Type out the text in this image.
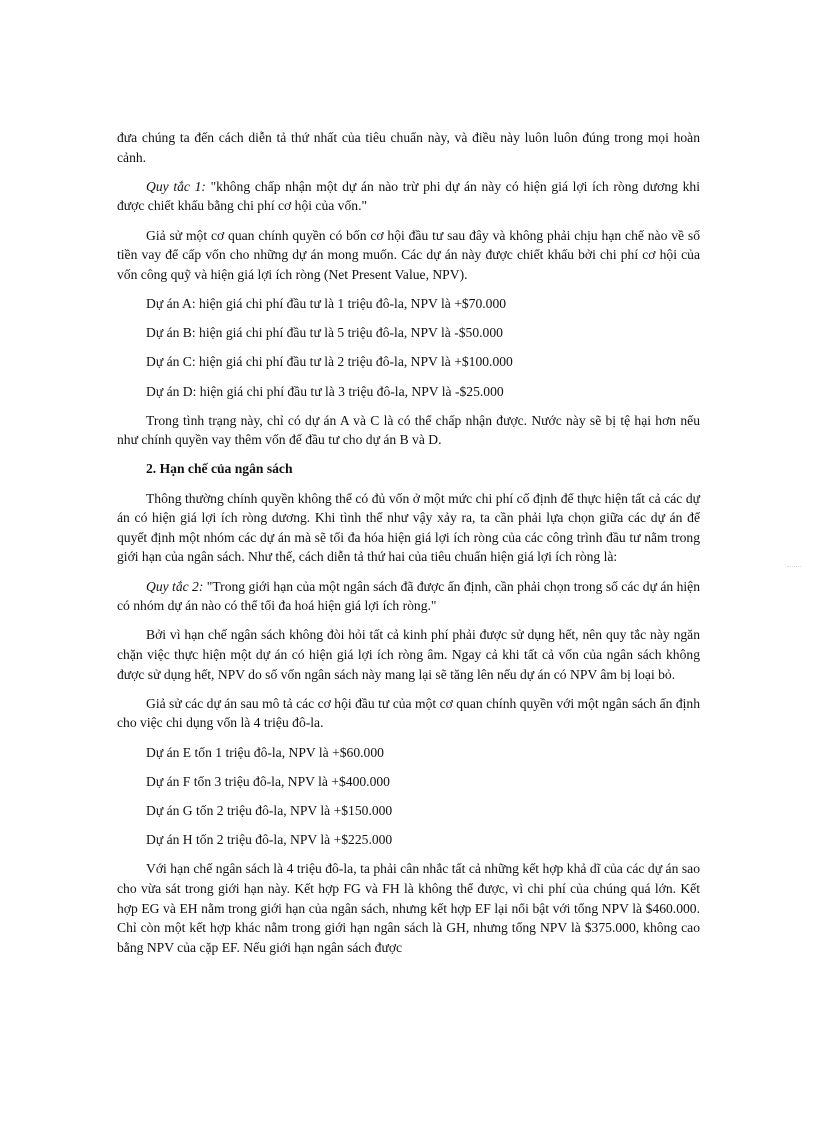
đưa chúng ta đến cách diễn tả thứ nhất của tiêu chuẩn này, và điều này luôn luôn đúng trong mọi hoàn cảnh.

Quy tắc 1: "không chấp nhận một dự án nào trừ phi dự án này có hiện giá lợi ích ròng dương khi được chiết khấu bằng chi phí cơ hội của vốn."

Giả sử một cơ quan chính quyền có bốn cơ hội đầu tư sau đây và không phải chịu hạn chế nào về số tiền vay để cấp vốn cho những dự án mong muốn. Các dự án này được chiết khấu bởi chi phí cơ hội của vốn công quỹ và hiện giá lợi ích ròng (Net Present Value, NPV).

Dự án A: hiện giá chi phí đầu tư là 1 triệu đô-la, NPV là +$70.000

Dự án B: hiện giá chi phí đầu tư là 5 triệu đô-la, NPV là -$50.000

Dự án C: hiện giá chi phí đầu tư là 2 triệu đô-la, NPV là +$100.000

Dự án D: hiện giá chi phí đầu tư là 3 triệu đô-la, NPV là -$25.000

Trong tình trạng này, chỉ có dự án A và C là có thể chấp nhận được. Nước này sẽ bị tệ hại hơn nếu như chính quyền vay thêm vốn để đầu tư cho dự án B và D.

2. Hạn chế của ngân sách

Thông thường chính quyền không thể có đủ vốn ở một mức chi phí cố định để thực hiện tất cả các dự án có hiện giá lợi ích ròng dương. Khi tình thế như vậy xảy ra, ta cần phải lựa chọn giữa các dự án để quyết định một nhóm các dự án mà sẽ tối đa hóa hiện giá lợi ích ròng của các công trình đầu tư nằm trong giới hạn của ngân sách. Như thế, cách diễn tả thứ hai của tiêu chuẩn hiện giá lợi ích ròng là:

Quy tắc 2: "Trong giới hạn của một ngân sách đã được ấn định, cần phải chọn trong số các dự án hiện có nhóm dự án nào có thể tối đa hoá hiện giá lợi ích ròng."

Bởi vì hạn chế ngân sách không đòi hỏi tất cả kinh phí phải được sử dụng hết, nên quy tắc này ngăn chặn việc thực hiện một dự án có hiện giá lợi ích ròng âm. Ngay cả khi tất cả vốn của ngân sách không được sử dụng hết, NPV do số vốn ngân sách này mang lại sẽ tăng lên nếu dự án có NPV âm bị loại bỏ.

Giả sử các dự án sau mô tả các cơ hội đầu tư của một cơ quan chính quyền với một ngân sách ấn định cho việc chi dụng vốn là 4 triệu đô-la.

Dự án E tốn 1 triệu đô-la, NPV là +$60.000

Dự án F tốn 3 triệu đô-la, NPV là +$400.000

Dự án G tốn 2 triệu đô-la, NPV là +$150.000

Dự án H tốn 2 triệu đô-la, NPV là +$225.000

Với hạn chế ngân sách là 4 triệu đô-la, ta phải cân nhắc tất cả những kết hợp khả dĩ của các dự án sao cho vừa sát trong giới hạn này. Kết hợp FG và FH là không thể được, vì chi phí của chúng quá lớn. Kết hợp EG và EH nằm trong giới hạn của ngân sách, nhưng kết hợp EF lại nổi bật với tổng NPV là $460.000. Chỉ còn một kết hợp khác nằm trong giới hạn ngân sách là GH, nhưng tổng NPV là $375.000, không cao bằng NPV của cặp EF. Nếu giới hạn ngân sách được
